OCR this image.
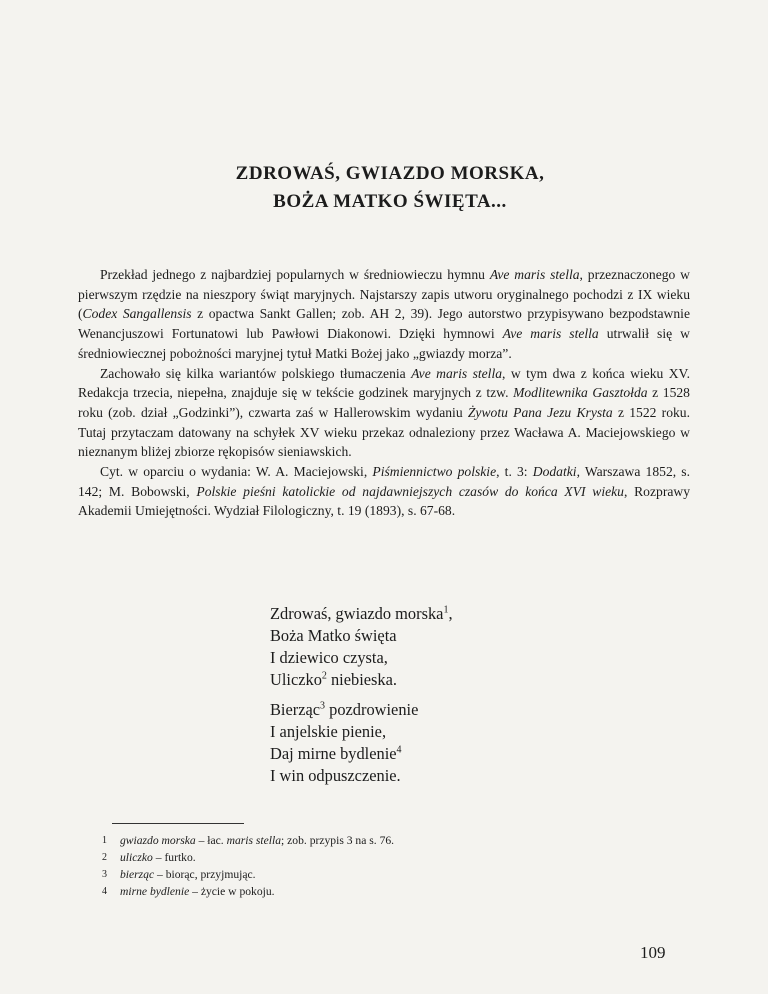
ZDROWAŚ, GWIAZDO MORSKA,
BOŻA MATKO ŚWIĘTA...

Przekład jednego z najbardziej popularnych w średniowieczu hymnu Ave maris stella, przeznaczonego w pierwszym rzędzie na nieszpory świąt maryjnych. Najstarszy zapis utworu oryginalnego pochodzi z IX wieku (Codex Sangallensis z opactwa Sankt Gallen; zob. AH 2, 39). Jego autorstwo przypisywano bezpodstawnie Wenancjuszowi Fortunatowi lub Pawłowi Diakonowi. Dzięki hymnowi Ave maris stella utrwalił się w średniowiecznej pobożności maryjnej tytuł Matki Bożej jako „gwiazdy morza”.

Zachowało się kilka wariantów polskiego tłumaczenia Ave maris stella, w tym dwa z końca wieku XV. Redakcja trzecia, niepełna, znajduje się w tekście godzinek maryjnych z tzw. Modlitewnika Gasztołda z 1528 roku (zob. dział „Godzinki”), czwarta zaś w Hallerowskim wydaniu Żywotu Pana Jezu Krysta z 1522 roku. Tutaj przytaczam datowany na schyłek XV wieku przekaz odnaleziony przez Wacława A. Maciejowskiego w nieznanym bliżej zbiorze rękopisów sieniawskich.

Cyt. w oparciu o wydania: W. A. Maciejowski, Piśmiennictwo polskie, t. 3: Dodatki, Warszawa 1852, s. 142; M. Bobowski, Polskie pieśni katolickie od najdawniejszych czasów do końca XVI wieku, Rozprawy Akademii Umiejętności. Wydział Filologiczny, t. 19 (1893), s. 67-68.

Zdrowaś, gwiazdo morska$^1$,
Boża Matko święta
I dziewico czysta,
Uliczko$^2$ niebieska.
Bierząc$^3$ pozdrowienie
I anjelskie pienie,
Daj mirne bydlenie$^4$
I win odpuszczenie.
1 gwiazdo morska – łac. maris stella; zob. przypis 3 na s. 76.
2 uliczko – furtko.
3 bierząc – biorąc, przyjmując.
4 mirne bydlenie – życie w pokoju.
109
